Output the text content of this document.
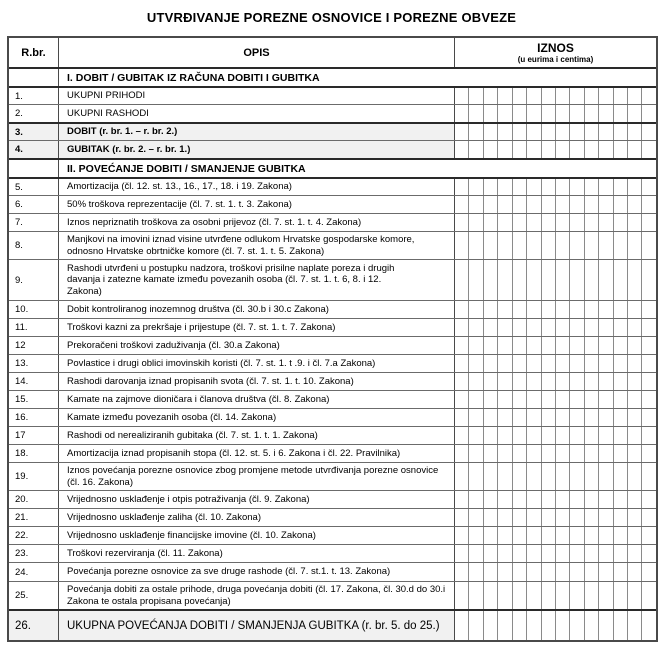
UTVRĐIVANJE POREZNE OSNOVICE I POREZNE OBVEZE
R.br.	OPIS	IZNOS
(u eurima i centima)
I. DOBIT / GUBITAK IZ RAČUNA DOBITI I GUBITKA
1.	UKUPNI PRIHODI
2.	UKUPNI RASHODI
3.	DOBIT (r. br. 1. – r. br. 2.)
4.	GUBITAK (r. br. 2. – r. br. 1.)
II. POVEĆANJE DOBITI / SMANJENJE GUBITKA
5.	Amortizacija (čl. 12. st. 13., 16., 17., 18. i 19. Zakona)
6.	50% troškova reprezentacije (čl. 7. st. 1. t. 3. Zakona)
7.	Iznos nepriznatih troškova za osobni prijevoz (čl. 7. st. 1. t. 4. Zakona)
8.
Manjkovi na imovini iznad visine utvrđene odlukom Hrvatske gospodarske komore, odnosno Hrvatske obrtničke komore (čl. 7. st. 1. t. 5. Zakona)
9.
Rashodi utvrđeni u postupku nadzora, troškovi prisilne naplate poreza i drugih davanja i zatezne kamate između povezanih osoba (čl. 7. st. 1. t. 6, 8. i 12. Zakona)
10.	Dobit kontroliranog inozemnog društva (čl. 30.b i 30.c Zakona)
11.	Troškovi kazni za prekršaje i prijestupe (čl. 7. st. 1. t. 7. Zakona)
12	Prekoračeni troškovi zaduživanja (čl. 30.a Zakona)
13.	Povlastice i drugi oblici imovinskih koristi (čl. 7. st. 1. t .9. i čl. 7.a Zakona)
14.	Rashodi darovanja iznad propisanih svota (čl. 7. st. 1. t. 10. Zakona)
15.	Kamate na zajmove dioničara i članova društva (čl. 8. Zakona)
16.	Kamate između povezanih osoba (čl. 14. Zakona)
17	Rashodi od nerealiziranih gubitaka (čl. 7. st. 1. t. 1. Zakona)
18.	Amortizacija iznad propisanih stopa (čl. 12. st. 5. i 6. Zakona i čl. 22. Pravilnika)
19.
Iznos povećanja porezne osnovice zbog promjene metode utvrđivanja porezne osnovice (čl. 16. Zakona)
20.	Vrijednosno usklađenje i otpis potraživanja (čl. 9. Zakona)
21.	Vrijednosno usklađenje zaliha (čl. 10. Zakona)
22.	Vrijednosno usklađenje financijske imovine (čl. 10. Zakona)
23.	Troškovi rezerviranja (čl. 11. Zakona)
24.	Povećanja porezne osnovice za sve druge rashode (čl. 7. st.1. t. 13. Zakona)
25.
Povećanja dobiti za ostale prihode, druga povećanja dobiti (čl. 17. Zakona, čl. 30.d do 30.i Zakona te ostala propisana povećanja)
26.	UKUPNA POVEĆANJA DOBITI / SMANJENJA GUBITKA (r. br. 5. do 25.)
